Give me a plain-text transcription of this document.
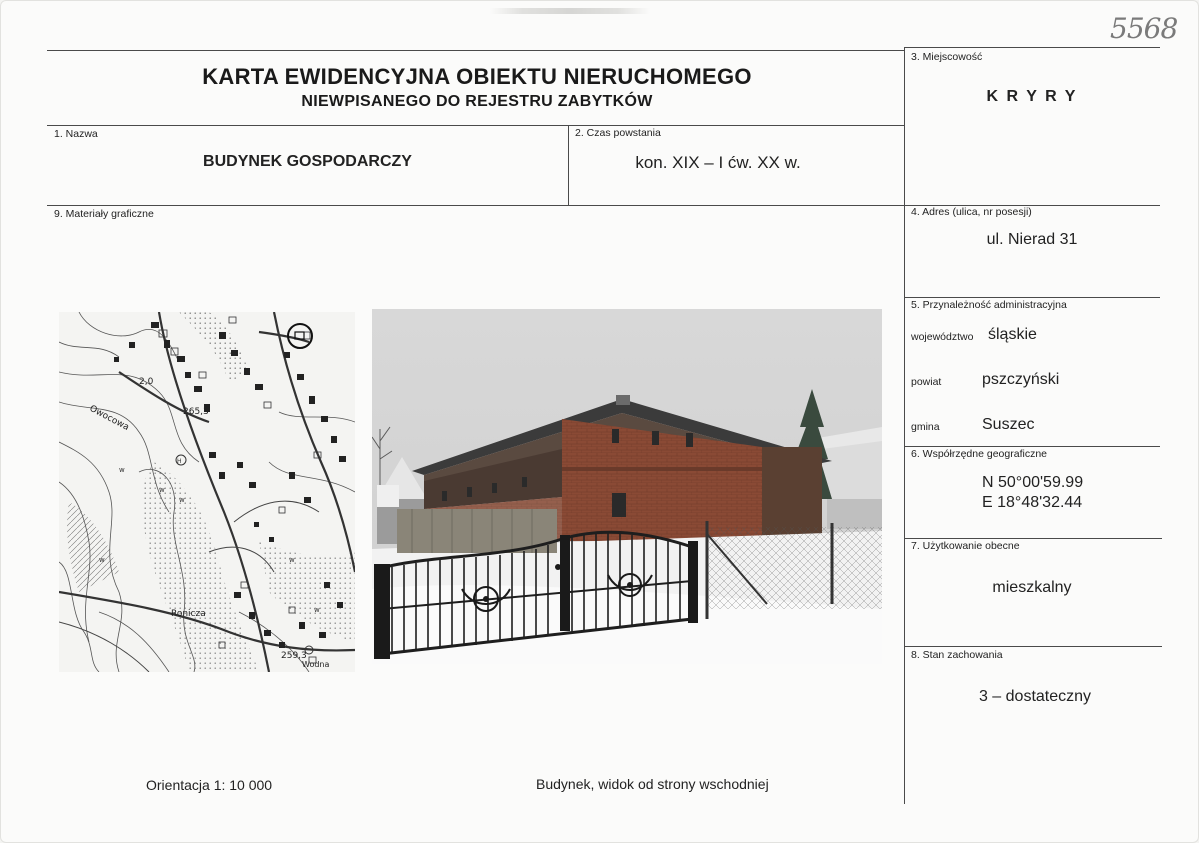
5568
KARTA EWIDENCYJNA OBIEKTU NIERUCHOMEGO
NIEWPISANEGO DO REJESTRU ZABYTKÓW
1. Nazwa
BUDYNEK GOSPODARCZY
2. Czas powstania
kon. XIX – I ćw. XX w.
3. Miejscowość
K R Y R Y
9. Materiały graficzne	4. Adres (ulica, nr posesji)
ul. Nierad 31
5. Przynależność administracyjna
województwo śląskie
powiat	pszczyński
gmina	Suszec
6. Współrzędne geograficzne
N 50°00'59.99
E 18°48'32.44
7. Użytkowanie obecne
mieszkalny
8. Stan zachowania
3 – dostateczny
H
w
w
w
w
w
w
Owocowa
Ronicza
Wodna
265,3
259,3
2,0
Orientacja 1: 10 000	Budynek, widok od strony wschodniej
